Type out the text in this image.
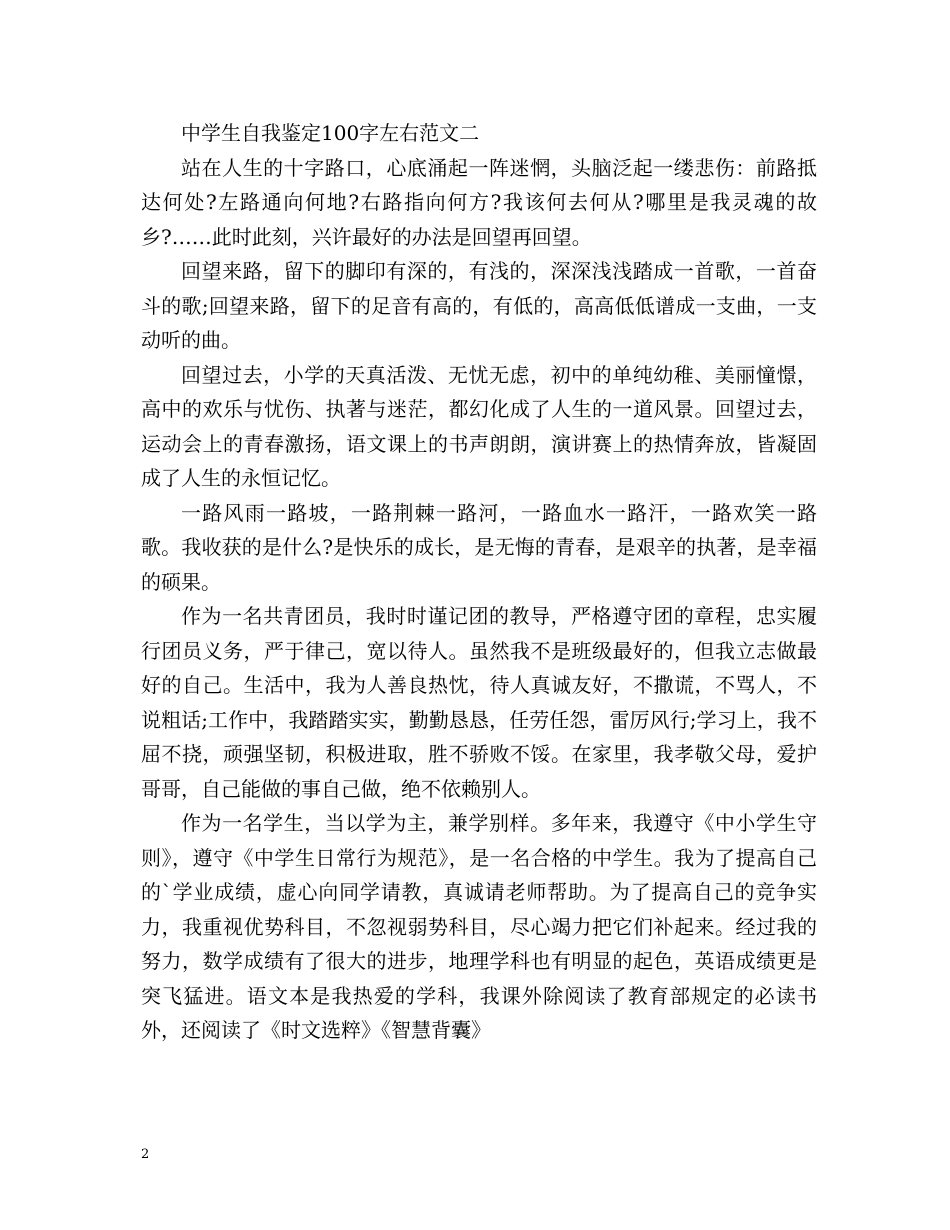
中学生自我鉴定100字左右范文二

站在人生的十字路口，心底涌起一阵迷惘，头脑泛起一缕悲伤：前路抵达何处?左路通向何地?右路指向何方?我该何去何从?哪里是我灵魂的故乡?……此时此刻，兴许最好的办法是回望再回望。

回望来路，留下的脚印有深的，有浅的，深深浅浅踏成一首歌，一首奋斗的歌;回望来路，留下的足音有高的，有低的，高高低低谱成一支曲，一支动听的曲。

回望过去，小学的天真活泼、无忧无虑，初中的单纯幼稚、美丽憧憬，高中的欢乐与忧伤、执著与迷茫，都幻化成了人生的一道风景。回望过去，运动会上的青春激扬，语文课上的书声朗朗，演讲赛上的热情奔放，皆凝固成了人生的永恒记忆。

一路风雨一路坡，一路荆棘一路河，一路血水一路汗，一路欢笑一路歌。我收获的是什么?是快乐的成长，是无悔的青春，是艰辛的执著，是幸福的硕果。

作为一名共青团员，我时时谨记团的教导，严格遵守团的章程，忠实履行团员义务，严于律己，宽以待人。虽然我不是班级最好的，但我立志做最好的自己。生活中，我为人善良热忱，待人真诚友好，不撒谎，不骂人，不说粗话;工作中，我踏踏实实，勤勤恳恳，任劳任怨，雷厉风行;学习上，我不屈不挠，顽强坚韧，积极进取，胜不骄败不馁。在家里，我孝敬父母，爱护哥哥，自己能做的事自己做，绝不依赖别人。

作为一名学生，当以学为主，兼学别样。多年来，我遵守《中小学生守则》，遵守《中学生日常行为规范》，是一名合格的中学生。我为了提高自己的`学业成绩，虚心向同学请教，真诚请老师帮助。为了提高自己的竞争实力，我重视优势科目，不忽视弱势科目，尽心竭力把它们补起来。经过我的努力，数学成绩有了很大的进步，地理学科也有明显的起色，英语成绩更是突飞猛进。语文本是我热爱的学科，我课外除阅读了教育部规定的必读书外，还阅读了《时文选粹》《智慧背囊》

2
